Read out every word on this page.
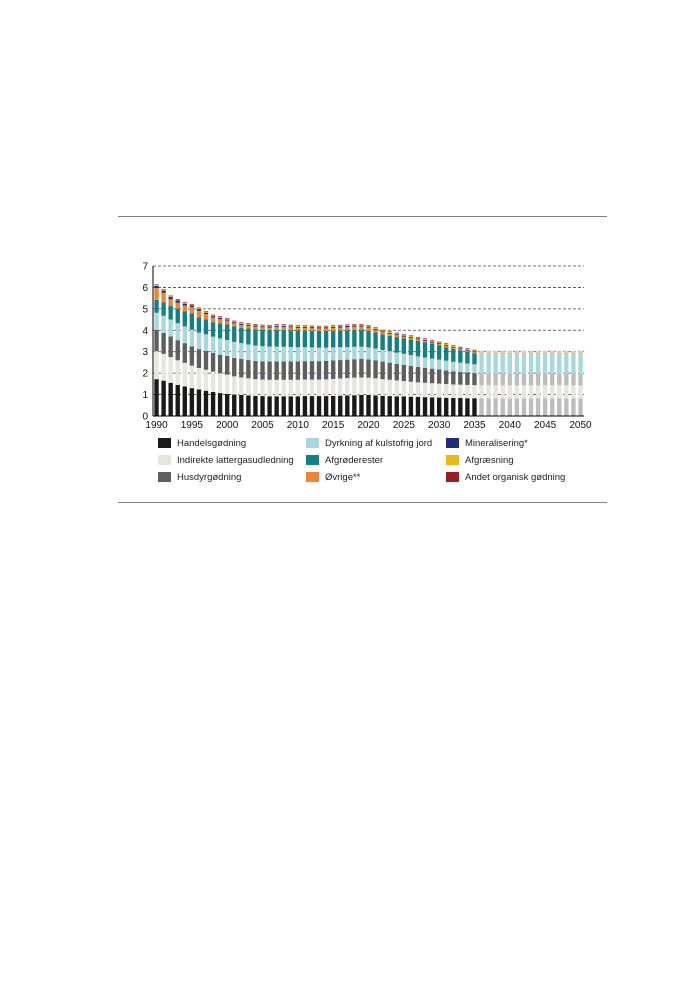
0
1
2
3
4
5
6
7
1990 1995 2000 2005 2010 2015 2020 2025 2030 2035 2040 2045 2050
Handelsgødning	Dyrkning af kulstofrig jord	Mineralisering*
Indirekte lattergasudledning	Afgrøderester	Afgræsning
Husdyrgødning	Øvrige**	Andet organisk gødning
